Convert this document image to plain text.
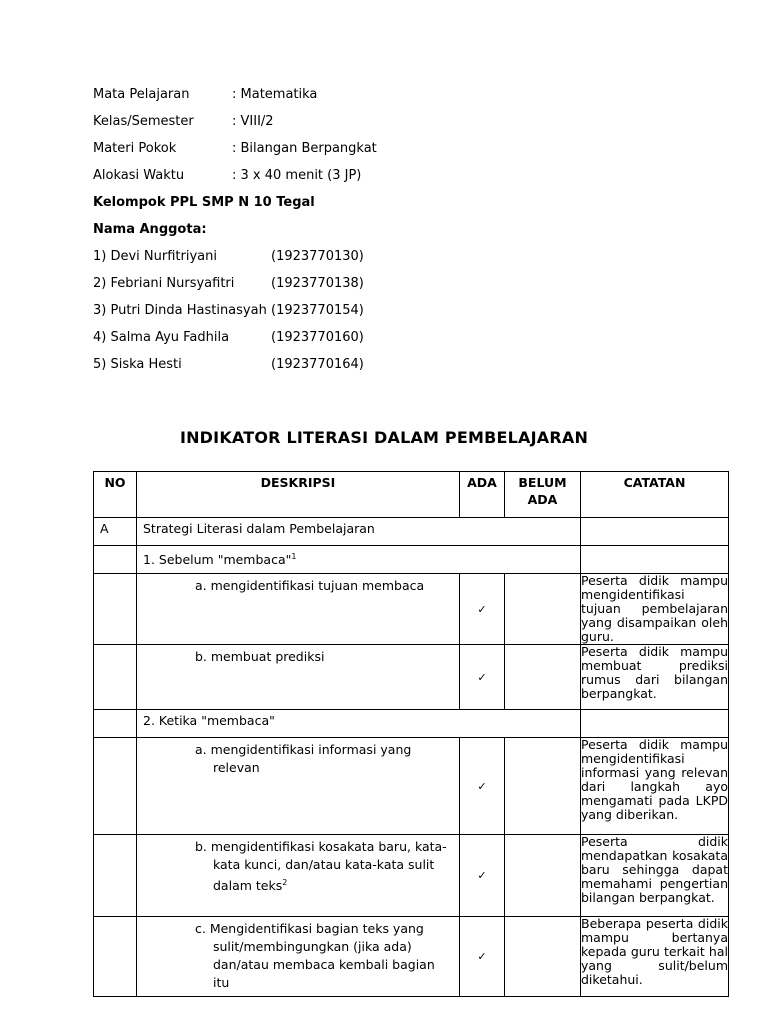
Mata Pelajaran	: Matematika
Kelas/Semester	: VIII/2
Materi Pokok	: Bilangan Berpangkat
Alokasi Waktu	: 3 x 40 menit (3 JP)
Kelompok PPL SMP N 10 Tegal
Nama Anggota:
1) Devi Nurfitriyani	(1923770130)
2) Febriani Nursyafitri	(1923770138)
3) Putri Dinda Hastinasyah (1923770154)
4) Salma Ayu Fadhila	(1923770160)
5) Siska Hesti	(1923770164)
INDIKATOR LITERASI DALAM PEMBELAJARAN
NO	DESKRIPSI	ADA	BELUM ADA	CATATAN
A	Strategi Literasi dalam Pembelajaran			
	1. Sebelum "membaca"$^1$	

	a. mengidentifikasi tujuan membaca	✓		Peserta didik mampu mengidentifikasi tujuan pembelajaran yang disampaikan oleh guru.

	b. membuat prediksi	✓		Peserta didik mampu membuat prediksi rumus dari bilangan berpangkat.
	2. Ketika "membaca"			

	a. mengidentifikasi informasi yang relevan	✓		Peserta didik mampu mengidentifikasi informasi yang relevan dari langkah ayo mengamati pada LKPD yang diberikan.

	b. mengidentifikasi kosakata baru, kata-kata kunci, dan/atau kata-kata sulit dalam teks$^2$	✓		Peserta didik mendapatkan kosakata baru sehingga dapat memahami pengertian bilangan berpangkat.

	c. Mengidentifikasi bagian teks yang sulit/membingungkan (jika ada) dan/atau membaca kembali bagian itu	✓		Beberapa peserta didik mampu bertanya kepada guru terkait hal yang sulit/belum diketahui.
